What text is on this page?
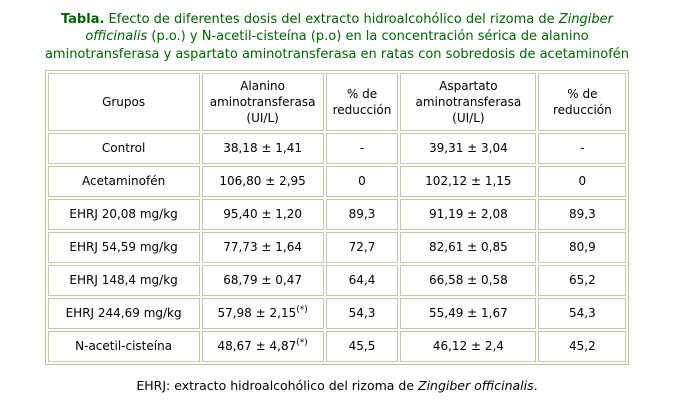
Tabla. Efecto de diferentes dosis del extracto hidroalcohólico del rizoma de Zingiber officinalis (p.o.) y N-acetil-cisteína (p.o) en la concentración sérica de alanino aminotransferasa y aspartato aminotransferasa en ratas con sobredosis de acetaminofén

Grupos	Alanino aminotransferasa (UI/L)	% de reducción	Aspartato aminotransferasa (UI/L)	% de reducción
Control	38,18 ± 1,41	-	39,31 ± 3,04	-
Acetaminofén	106,80 ± 2,95	0	102,12 ± 1,15	0
EHRJ 20,08 mg/kg	95,40 ± 1,20	89,3	91,19 ± 2,08	89,3
EHRJ 54,59 mg/kg	77,73 ± 1,64	72,7	82,61 ± 0,85	80,9
EHRJ 148,4 mg/kg	68,79 ± 0,47	64,4	66,58 ± 0,58	65,2
EHRJ 244,69 mg/kg	57,98 ± 2,15(*)	54,3	55,49 ± 1,67	54,3
N-acetil-cisteína	48,67 ± 4,87(*)	45,5	46,12 ± 2,4	45,2

EHRJ: extracto hidroalcohólico del rizoma de Zingiber officinalis.
